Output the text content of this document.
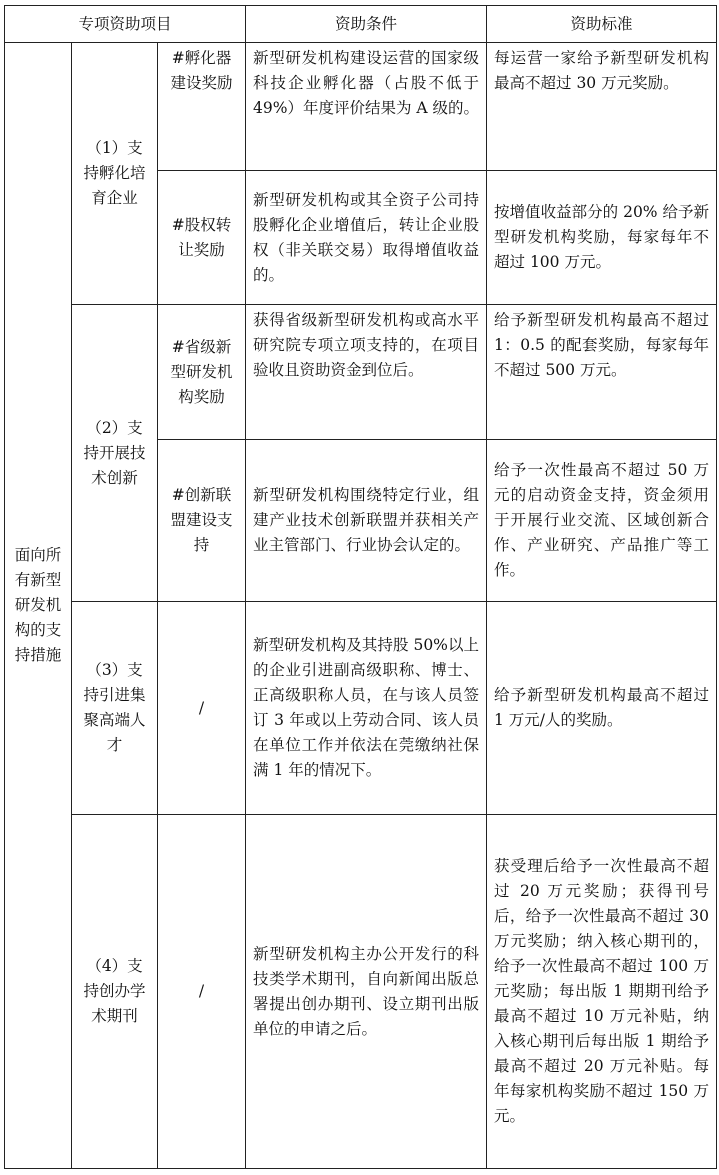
专项资助项目			资助条件	资助标准
面向所有新型研发机构的支持措施	（1）支持孵化培育企业	#孵化器建设奖励	新型研发机构建设运营的国家级科技企业孵化器（占股不低于 49%）年度评价结果为 A 级的。	每运营一家给予新型研发机构最高不超过 30 万元奖励。
		#股权转让奖励	新型研发机构或其全资子公司持股孵化企业增值后，转让企业股权（非关联交易）取得增值收益的。	按增值收益部分的 20% 给予新型研发机构奖励，每家每年不超过 100 万元。
	（2）支持开展技术创新	#省级新型研发机构奖励	获得省级新型研发机构或高水平研究院专项立项支持的，在项目验收且资助资金到位后。	给予新型研发机构最高不超过 1：0.5 的配套奖励，每家每年不超过 500 万元。
		#创新联盟建设支持	新型研发机构围绕特定行业，组建产业技术创新联盟并获相关产业主管部门、行业协会认定的。	给予一次性最高不超过 50 万元的启动资金支持，资金须用于开展行业交流、区域创新合作、产业研究、产品推广等工作。
	（3）支持引进集聚高端人才	/	新型研发机构及其持股 50%以上的企业引进副高级职称、博士、正高级职称人员，在与该人员签订 3 年或以上劳动合同、该人员在单位工作并依法在莞缴纳社保满 1 年的情况下。	给予新型研发机构最高不超过 1 万元/人的奖励。
	（4）支持创办学术期刊	/	新型研发机构主办公开发行的科技类学术期刊，自向新闻出版总署提出创办期刊、设立期刊出版单位的申请之后。	获受理后给予一次性最高不超过 20 万元奖励；获得刊号后，给予一次性最高不超过 30 万元奖励；纳入核心期刊的，给予一次性最高不超过 100 万元奖励；每出版 1 期期刊给予最高不超过 10 万元补贴，纳入核心期刊后每出版 1 期给予最高不超过 20 万元补贴。每年每家机构奖励不超过 150 万元。
